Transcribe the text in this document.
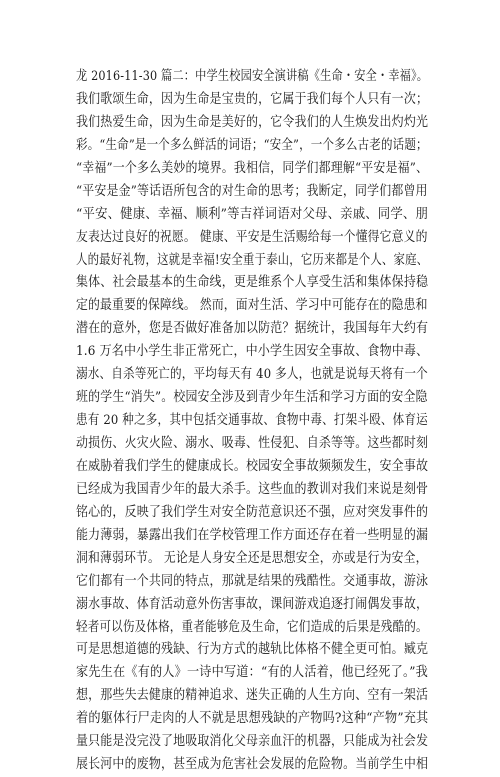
龙 2016-11-30 篇二：中学生校园安全演讲稿《生命・安全・幸福》。
我们歌颂生命，因为生命是宝贵的，它属于我们每个人只有一次；
我们热爱生命，因为生命是美好的，它令我们的人生焕发出灼灼光
彩。“生命”是一个多么鲜活的词语；“安全”，一个多么古老的话题；
“幸福”一个多么美妙的境界。我相信，同学们都理解“平安是福”、
“平安是金”等话语所包含的对生命的思考；我断定，同学们都曾用
“平安、健康、幸福、顺利”等吉祥词语对父母、亲戚、同学、朋
友表达过良好的祝愿。 健康、平安是生活赐给每一个懂得它意义的
人的最好礼物，这就是幸福!安全重于泰山，它历来都是个人、家庭、
集体、社会最基本的生命线，更是维系个人享受生活和集体保持稳
定的最重要的保障线。 然而，面对生活、学习中可能存在的隐患和
潜在的意外，您是否做好准备加以防范？据统计，我国每年大约有
1.6 万名中小学生非正常死亡，中小学生因安全事故、食物中毒、
溺水、自杀等死亡的，平均每天有 40 多人，也就是说每天将有一个
班的学生“消失”。校园安全涉及到青少年生活和学习方面的安全隐
患有 20 种之多，其中包括交通事故、食物中毒、打架斗殴、体育运
动损伤、火灾火险、溺水、吸毒、性侵犯、自杀等等。这些都时刻
在威胁着我们学生的健康成长。校园安全事故频频发生，安全事故
已经成为我国青少年的最大杀手。这些血的教训对我们来说是刻骨
铭心的，反映了我们学生对安全防范意识还不强，应对突发事件的
能力薄弱，暴露出我们在学校管理工作方面还存在着一些明显的漏
洞和薄弱环节。 无论是人身安全还是思想安全，亦或是行为安全，
它们都有一个共同的特点，那就是结果的残酷性。交通事故，游泳
溺水事故、体育活动意外伤害事故，课间游戏追逐打闹偶发事故，
轻者可以伤及体格，重者能够危及生命，它们造成的后果是残酷的。
可是思想道德的残缺、行为方式的越轨比体格不健全更可怕。臧克
家先生在《有的人》一诗中写道：“有的人活着，他已经死了。”我
想，那些失去健康的精神追求、迷失正确的人生方向、空有一架活
着的躯体行尸走肉的人不就是思想残缺的产物吗?这种“产物”充其
量只能是没完没了地吸取消化父母亲血汗的机器，只能成为社会发
展长河中的废物，甚至成为危害社会发展的危险物。当前学生中相
